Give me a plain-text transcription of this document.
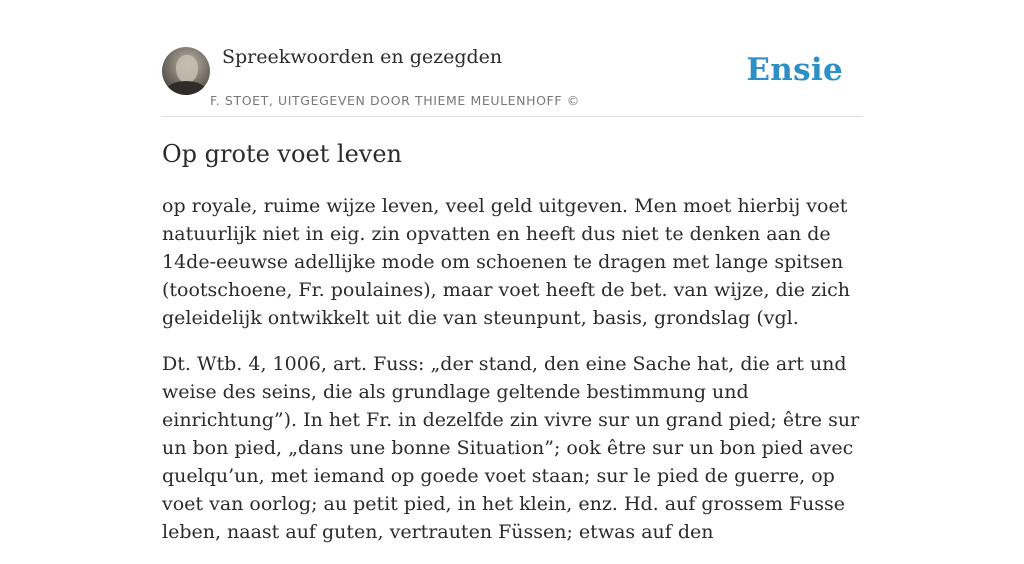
Spreekwoorden en gezegden
F. STOET, UITGEGEVEN DOOR THIEME MEULENHOFF ©
Ensie
Op grote voet leven

op royale, ruime wijze leven, veel geld uitgeven. Men moet hierbij voet natuurlijk niet in eig. zin opvatten en heeft dus niet te denken aan de 14de-eeuwse adellijke mode om schoenen te dragen met lange spitsen (tootschoene, Fr. poulaines), maar voet heeft de bet. van wijze, die zich geleidelijk ontwikkelt uit die van steunpunt, basis, grondslag (vgl.

Dt. Wtb. 4, 1006, art. Fuss: „der stand, den eine Sache hat, die art und weise des seins, die als grundlage geltende bestimmung und einrichtung”). In het Fr. in dezelfde zin vivre sur un grand pied; être sur un bon pied, „dans une bonne Situation”; ook être sur un bon pied avec quelqu’un, met iemand op goede voet staan; sur le pied de guerre, op voet van oorlog; au petit pied, in het klein, enz. Hd. auf grossem Fusse leben, naast auf guten, vertrauten Füssen; etwas auf den
